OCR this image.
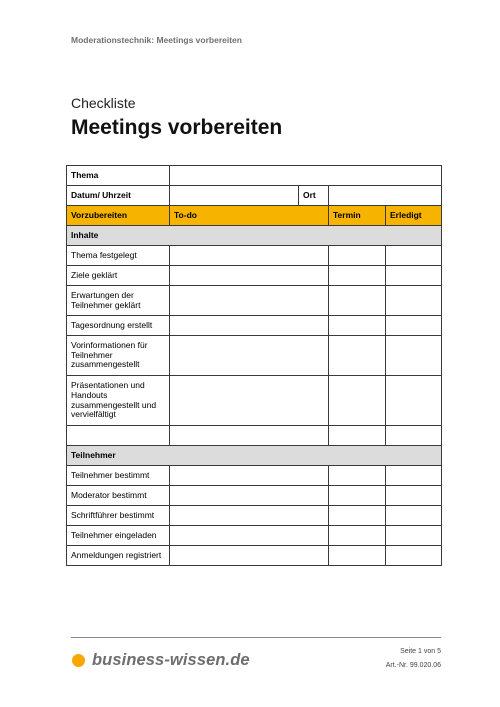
Moderationstechnik: Meetings vorbereiten
Checkliste
Meetings vorbereiten
Thema				
Datum/ Uhrzeit		Ort		
Vorzubereiten	To-do		Termin	Erledigt
Inhalte				
Thema festgelegt				
Ziele geklärt				
Erwartungen der Teilnehmer geklärt				
Tagesordnung erstellt				
Vorinformationen für Teilnehmer zusammengestellt				
Präsentationen und Handouts zusammengestellt und vervielfältigt				

Teilnehmer				
Teilnehmer bestimmt				
Moderator bestimmt				
Schriftführer bestimmt				
Teilnehmer eingeladen				
Anmeldungen registriert				
business-wissen.de	Seite 1 von 5
Art.-Nr. 99.020.06
